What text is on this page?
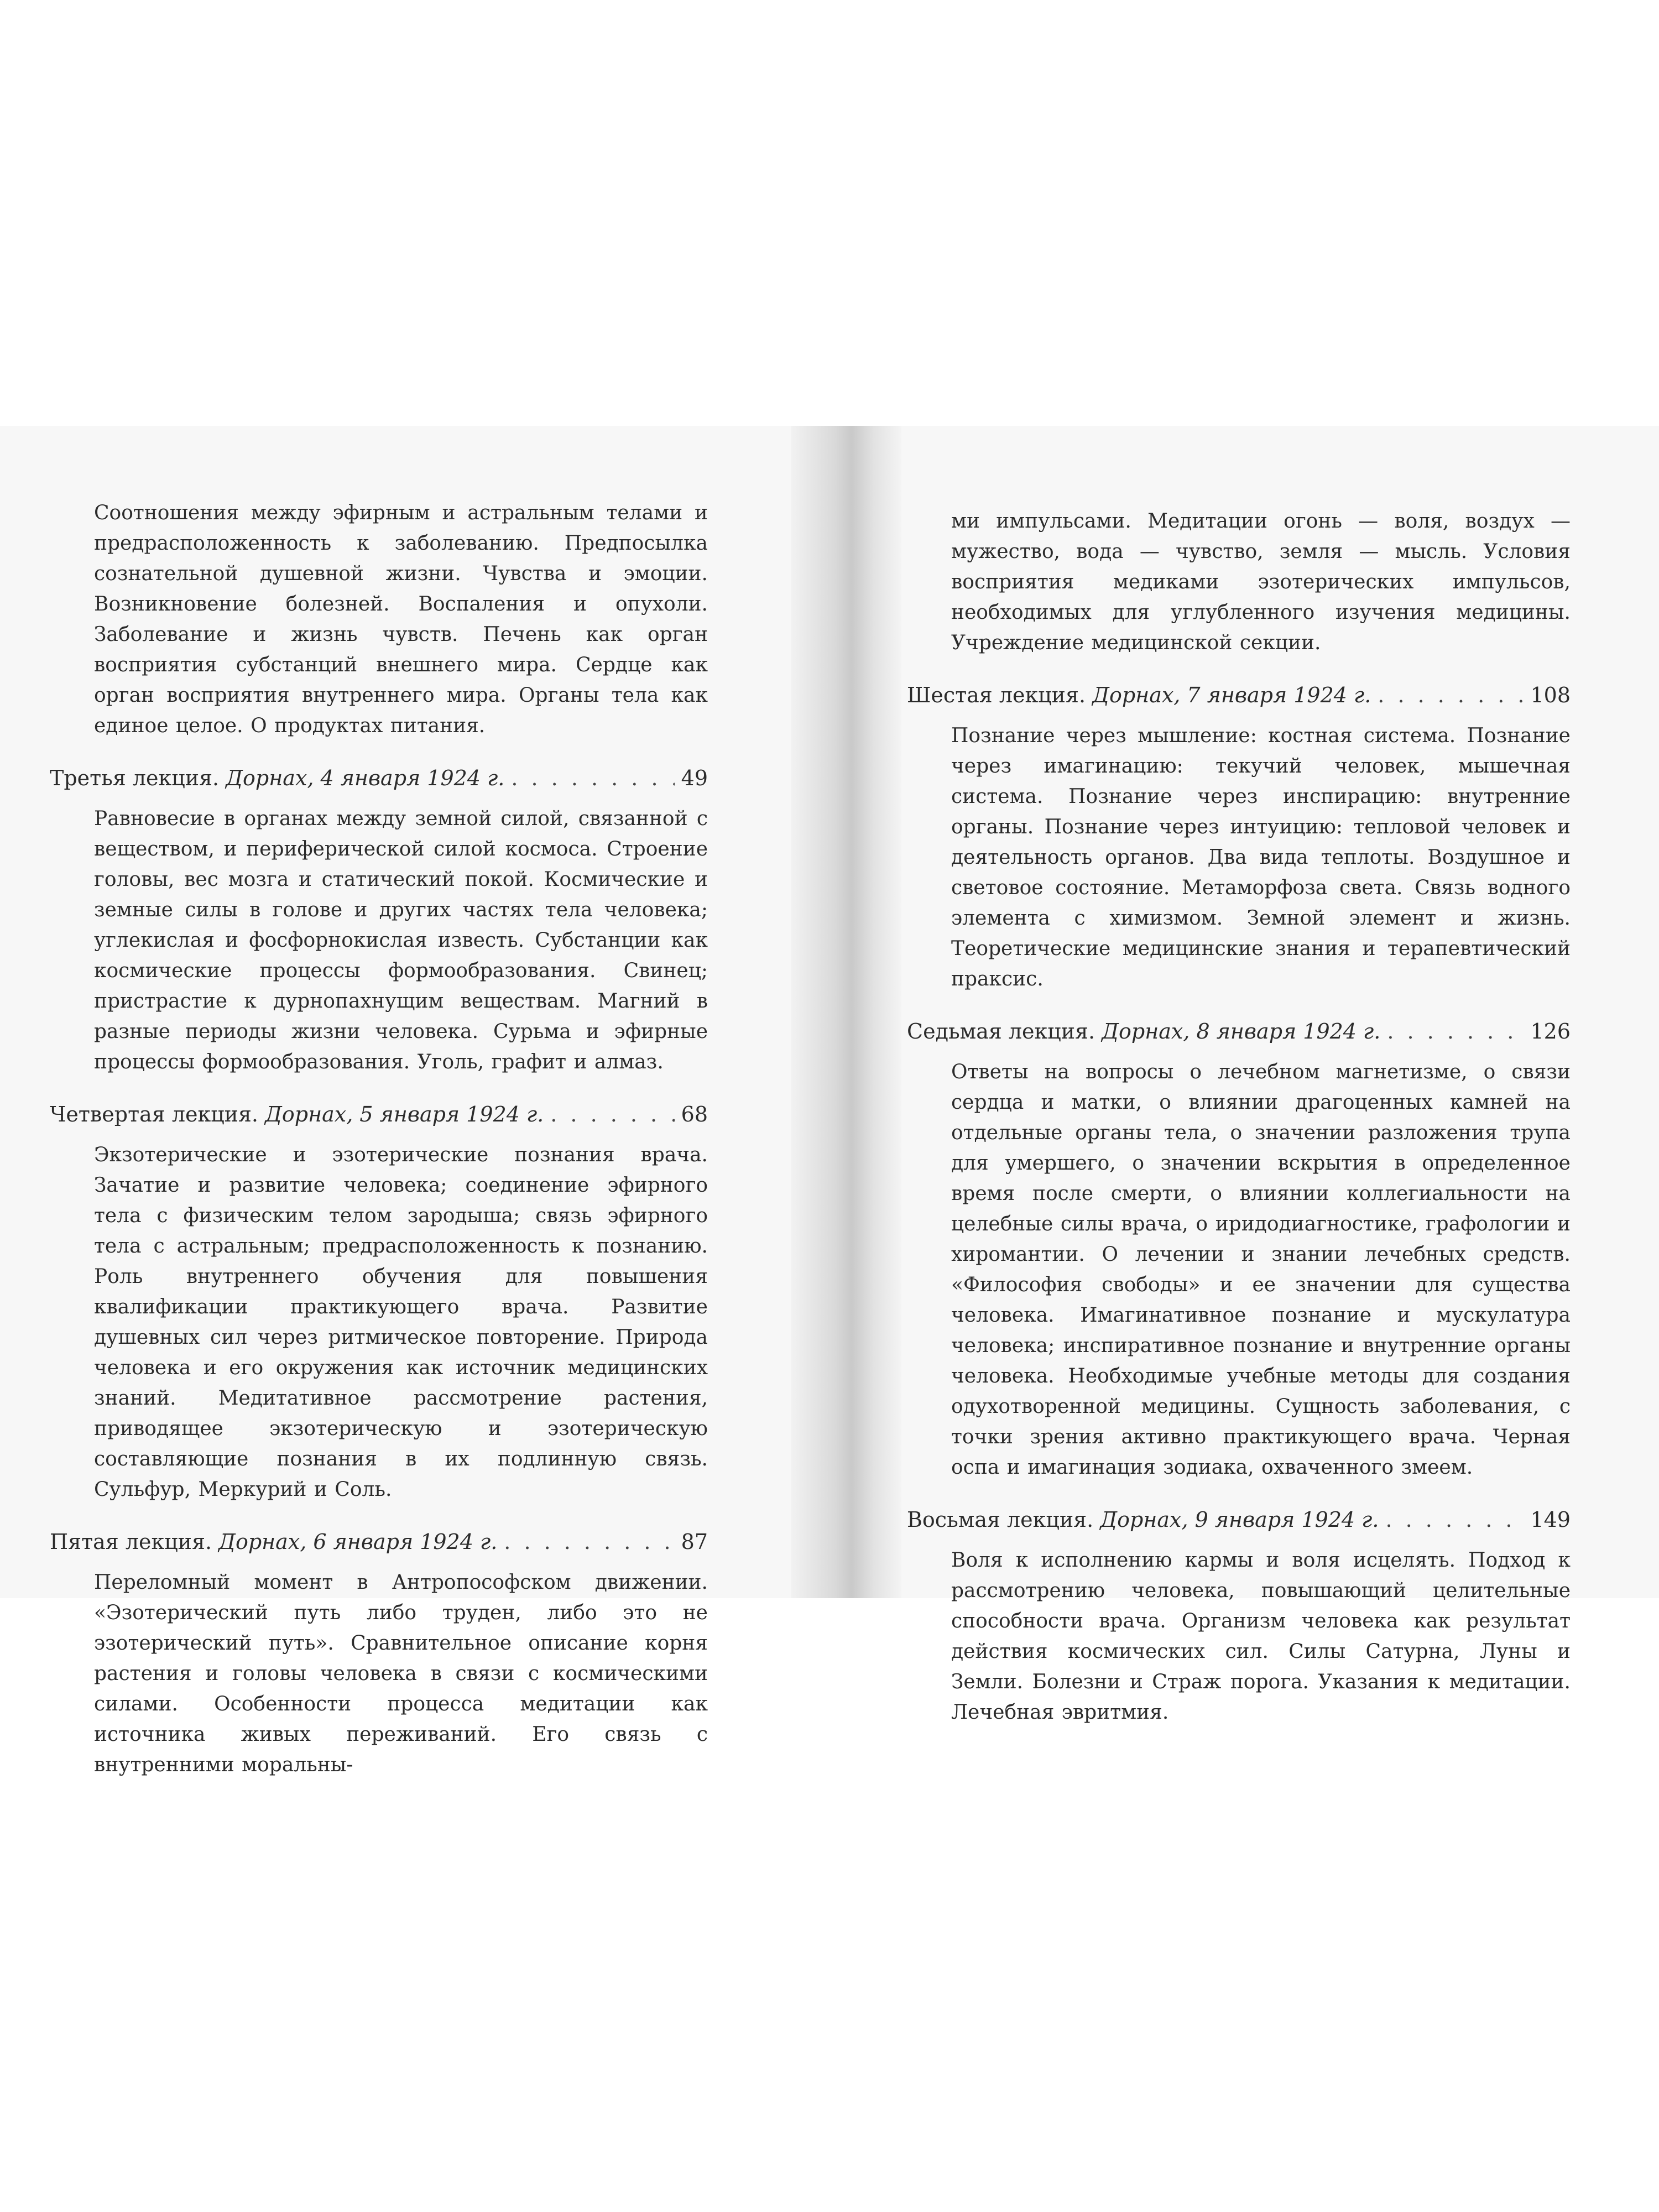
Соотношения между эфирным и астральным телами и предрасположенность к заболеванию. Предпосылка сознательной душевной жизни. Чувства и эмоции. Возникновение болезней. Воспаления и опухоли. Заболевание и жизнь чувств. Печень как орган восприятия субстанций внешнего мира. Сердце как орган восприятия внутреннего мира. Органы тела как единое целое. О продуктах питания.

Третья лекция. Дорнах, 4 января 1924 г. . . .	49

Равновесие в органах между земной силой, связанной с веществом, и периферической силой космоса. Строение головы, вес мозга и статический покой. Космические и земные силы в голове и других частях тела человека; углекислая и фосфорнокислая известь. Субстанции как космические процессы формообразования. Свинец; пристрастие к дурнопахнущим веществам. Магний в разные периоды жизни человека. Сурьма и эфирные процессы формообразования. Уголь, графит и алмаз.

Четвертая лекция. Дорнах, 5 января 1924 г. . . .	68

Экзотерические и эзотерические познания врача. Зачатие и развитие человека; соединение эфирного тела с физическим телом зародыша; связь эфирного тела с астральным; предрасположенность к познанию. Роль внутреннего обучения для повышения квалификации практикующего врача. Развитие душевных сил через ритмическое повторение. Природа человека и его окружения как источник медицинских знаний. Медитативное рассмотрение растения, приводящее экзотерическую и эзотерическую составляющие познания в их подлинную связь. Сульфур, Меркурий и Соль.

Пятая лекция. Дорнах, 6 января 1924 г. . . .	87

Переломный момент в Антропософском движении. «Эзотерический путь либо труден, либо это не эзотерический путь». Сравнительное описание корня растения и головы человека в связи с космическими силами. Особенности процесса медитации как источника живых переживаний. Его связь с внутренними моральны-

ми импульсами. Медитации огонь — воля, воздух — мужество, вода — чувство, земля — мысль. Условия восприятия медиками эзотерических импульсов, необходимых для углубленного изучения медицины. Учреждение медицинской секции.

Шестая лекция. Дорнах, 7 января 1924 г. . . .	108

Познание через мышление: костная система. Познание через имагинацию: текучий человек, мышечная система. Познание через инспирацию: внутренние органы. Познание через интуицию: тепловой человек и деятельность органов. Два вида теплоты. Воздушное и световое состояние. Метаморфоза света. Связь водного элемента с химизмом. Земной элемент и жизнь. Теоретические медицинские знания и терапевтический праксис.

Седьмая лекция. Дорнах, 8 января 1924 г. . . .	126

Ответы на вопросы о лечебном магнетизме, о связи сердца и матки, о влиянии драгоценных камней на отдельные органы тела, о значении разложения трупа для умершего, о значении вскрытия в определенное время после смерти, о влиянии коллегиальности на целебные силы врача, о иридодиагностике, графологии и хиромантии. О лечении и знании лечебных средств. «Философия свободы» и ее значении для существа человека. Имагинативное познание и мускулатура человека; инспиративное познание и внутренние органы человека. Необходимые учебные методы для создания одухотворенной медицины. Сущность заболевания, с точки зрения активно практикующего врача. Черная оспа и имагинация зодиака, охваченного змеем.

Восьмая лекция. Дорнах, 9 января 1924 г. . . .	149

Воля к исполнению кармы и воля исцелять. Подход к рассмотрению человека, повышающий целительные способности врача. Организм человека как результат действия космических сил. Силы Сатурна, Луны и Земли. Болезни и Страж порога. Указания к медитации. Лечебная эвритмия.
